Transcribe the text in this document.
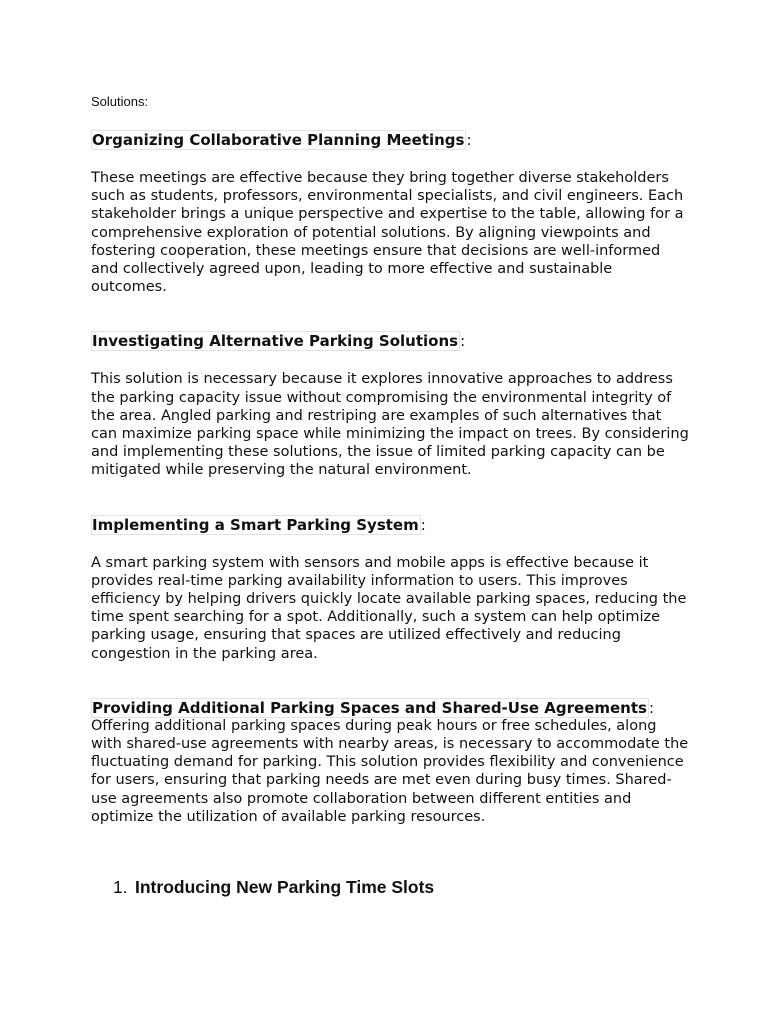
Solutions:

Organizing Collaborative Planning Meetings :

These meetings are effective because they bring together diverse stakeholders such as students, professors, environmental specialists, and civil engineers. Each stakeholder brings a unique perspective and expertise to the table, allowing for a comprehensive exploration of potential solutions. By aligning viewpoints and fostering cooperation, these meetings ensure that decisions are well-informed and collectively agreed upon, leading to more effective and sustainable outcomes.

Investigating Alternative Parking Solutions :

This solution is necessary because it explores innovative approaches to address the parking capacity issue without compromising the environmental integrity of the area. Angled parking and restriping are examples of such alternatives that can maximize parking space while minimizing the impact on trees. By considering and implementing these solutions, the issue of limited parking capacity can be mitigated while preserving the natural environment.

Implementing a Smart Parking System :

A smart parking system with sensors and mobile apps is effective because it provides real-time parking availability information to users. This improves efficiency by helping drivers quickly locate available parking spaces, reducing the time spent searching for a spot. Additionally, such a system can help optimize parking usage, ensuring that spaces are utilized effectively and reducing congestion in the parking area.

Providing Additional Parking Spaces and Shared-Use Agreements :

Offering additional parking spaces during peak hours or free schedules, along with shared-use agreements with nearby areas, is necessary to accommodate the fluctuating demand for parking. This solution provides flexibility and convenience for users, ensuring that parking needs are met even during busy times. Shared-use agreements also promote collaboration between different entities and optimize the utilization of available parking resources.

1. Introducing New Parking Time Slots
